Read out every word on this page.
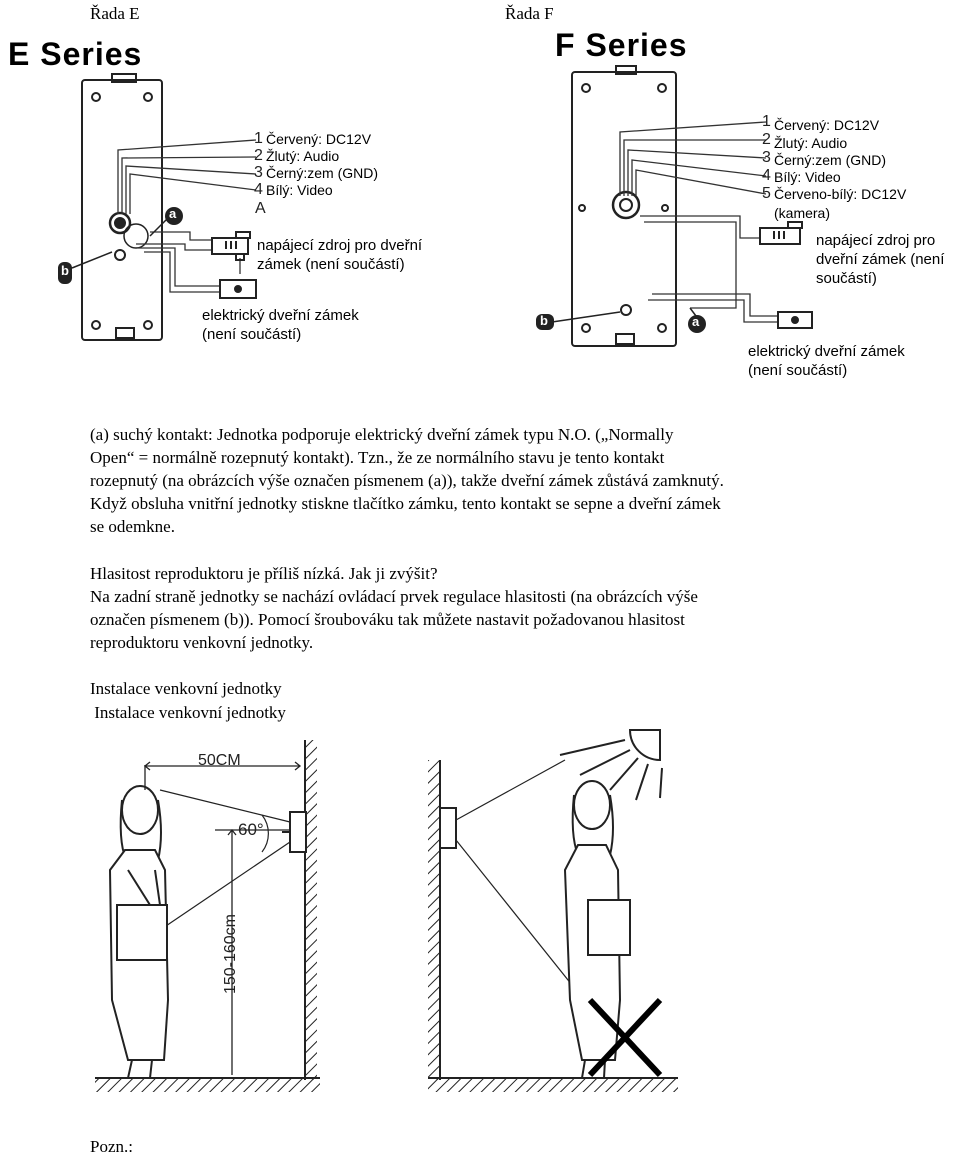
Řada E	Řada F
1
2
3
4
1
2
3
4
5
E Series	F Series
Červený: DC12V
Žlutý: Audio
Černý:zem (GND)
Bílý: Video
A
a
b
napájecí zdroj pro dveřní
zámek (není součástí)
elektrický dveřní zámek
(není součástí)
Červený: DC12V
Žlutý: Audio
Černý:zem (GND)
Bílý: Video
Červeno-bílý: DC12V
(kamera)
a
b
napájecí zdroj pro
dveřní zámek (není
součástí)
elektrický dveřní zámek
(není součástí)
(a) suchý kontakt: Jednotka podporuje elektrický dveřní zámek typu N.O. („Normally
Open“ = normálně rozepnutý kontakt). Tzn., že ze normálního stavu je tento kontakt
rozepnutý (na obrázcích výše označen písmenem (a)), takže dveřní zámek zůstává zamknutý.
Když obsluha vnitřní jednotky stiskne tlačítko zámku, tento kontakt se sepne a dveřní zámek
se odemkne.
Hlasitost reproduktoru je příliš nízká. Jak ji zvýšit?
Na zadní straně jednotky se nachází ovládací prvek regulace hlasitosti (na obrázcích výše
označen písmenem (b)). Pomocí šroubováku tak můžete nastavit požadovanou hlasitost
reproduktoru venkovní jednotky.
Instalace venkovní jednotky
Instalace venkovní jednotky
50CM
60°
150-160cm
Pozn.:
